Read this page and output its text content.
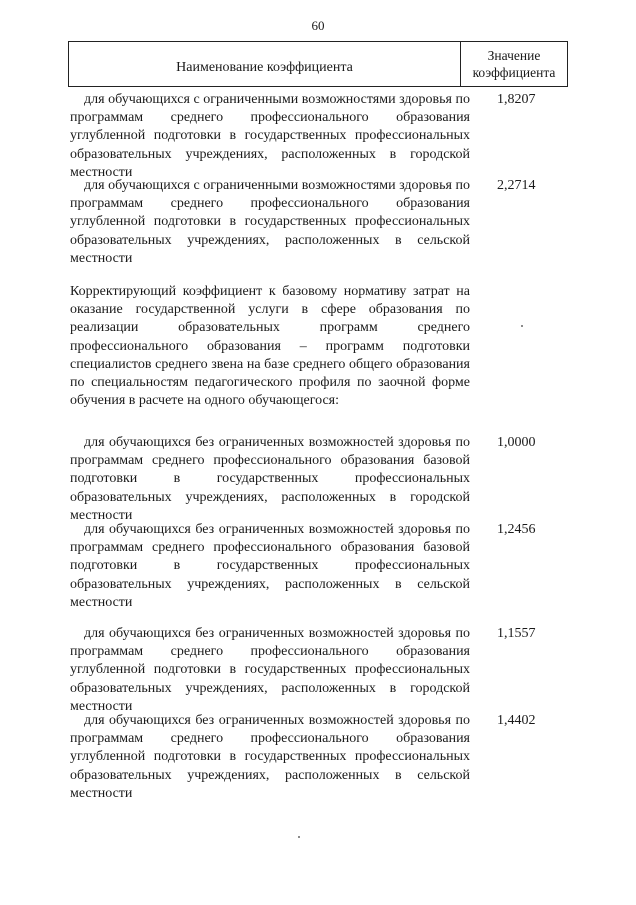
60
Наименование коэффициента
Значение
коэффициента

для обучающихся с ограниченными возможностями здоровья по программам среднего профессионального образования углубленной подготовки в государственных профессиональных образовательных учреждениях, расположенных в городской местности

1,8207

для обучающихся с ограниченными возможностями здоровья по программам среднего профессионального образования углубленной подготовки в государственных профессиональных образовательных учреждениях, расположенных в сельской местности

2,2714

Корректирующий коэффициент к базовому нормативу затрат на оказание государственной услуги в сфере образования по реализации образовательных программ среднего профессионального образования – программ подготовки специалистов среднего звена на базе среднего общего образования по специальностям педагогического профиля по заочной форме обучения в расчете на одного обучающегося:

для обучающихся без ограниченных возможностей здоровья по программам среднего профессионального образования базовой подготовки в государственных профессиональных образовательных учреждениях, расположенных в городской местности

1,0000

для обучающихся без ограниченных возможностей здоровья по программам среднего профессионального образования базовой подготовки в государственных профессиональных образовательных учреждениях, расположенных в сельской местности

1,2456

для обучающихся без ограниченных возможностей здоровья по программам среднего профессионального образования углубленной подготовки в государственных профессиональных образовательных учреждениях, расположенных в городской местности

1,1557

для обучающихся без ограниченных возможностей здоровья по программам среднего профессионального образования углубленной подготовки в государственных профессиональных образовательных учреждениях, расположенных в сельской местности

1,4402
